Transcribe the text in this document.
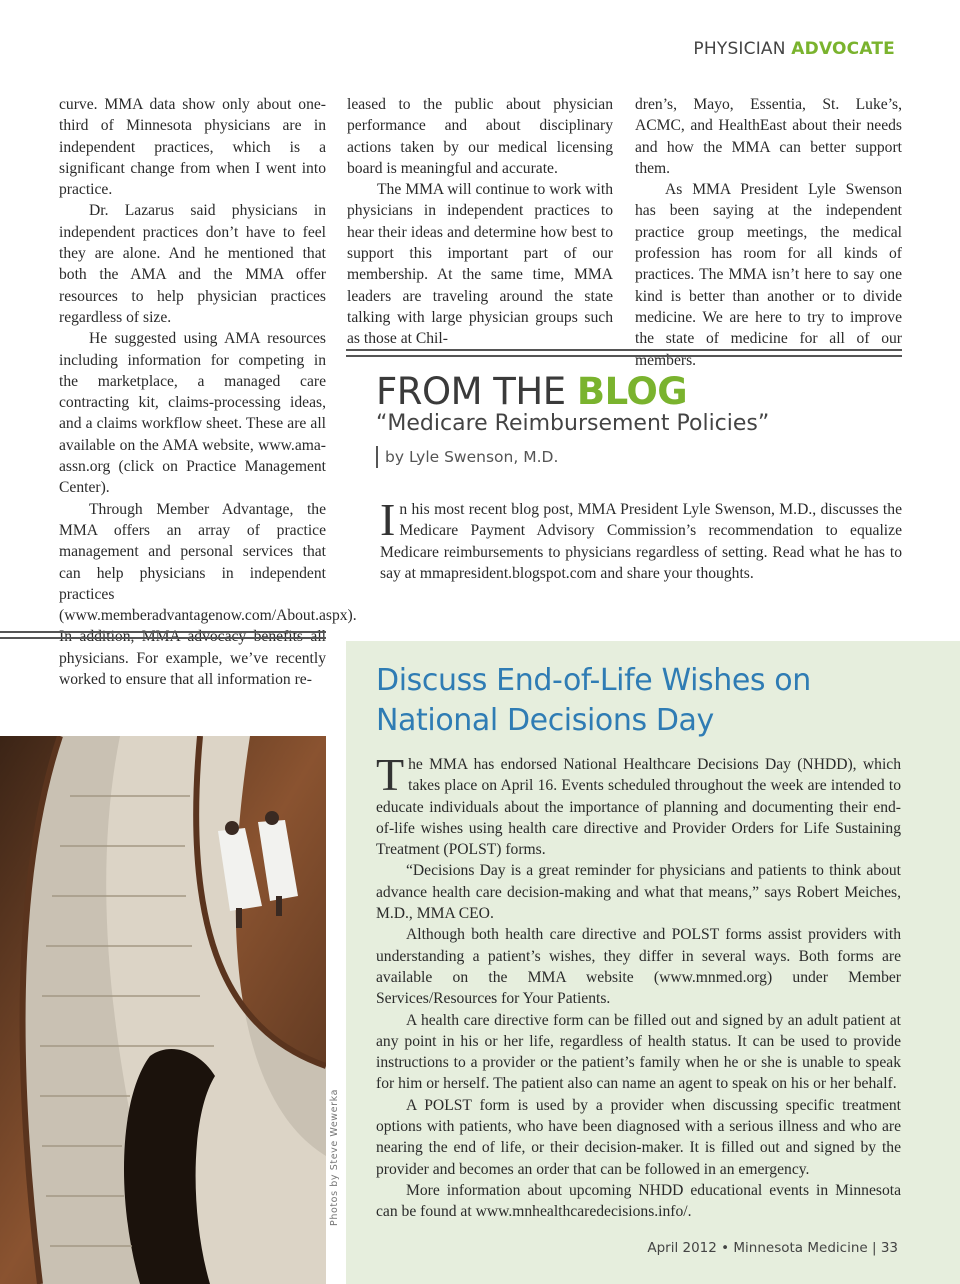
PHYSICIAN ADVOCATE

curve. MMA data show only about one-third of Minnesota physicians are in independent practices, which is a significant change from when I went into practice.

Dr. Lazarus said physicians in independent practices don’t have to feel they are alone. And he mentioned that both the AMA and the MMA offer resources to help physician practices regardless of size.

He suggested using AMA resources including information for competing in the marketplace, a managed care contracting kit, claims-processing ideas, and a claims workflow sheet. These are all available on the AMA website, www.ama-assn.org (click on Practice Management Center).

Through Member Advantage, the MMA offers an array of practice management and personal services that can help physicians in independent practices (www.memberadvantagenow.com/About.aspx). In addition, MMA advocacy benefits all physicians. For example, we’ve recently worked to ensure that all information re-

leased to the public about physician performance and about disciplinary actions taken by our medical licensing board is meaningful and accurate.

The MMA will continue to work with physicians in independent practices to hear their ideas and determine how best to support this important part of our membership. At the same time, MMA leaders are traveling around the state talking with large physician groups such as those at Chil-

dren’s, Mayo, Essentia, St. Luke’s, ACMC, and HealthEast about their needs and how the MMA can better support them.

As MMA President Lyle Swenson has been saying at the independent practice group meetings, the medical profession has room for all kinds of practices. The MMA isn’t here to say one kind is better than another or to divide medicine. We are here to try to improve the state of medicine for all of our members.

FROM THE BLOG
“Medicare Reimbursement Policies”
by Lyle Swenson, M.D.

In his most recent blog post, MMA President Lyle Swenson, M.D., discusses the Medicare Payment Advisory Commission’s recommendation to equalize Medicare reimbursements to physicians regardless of setting. Read what he has to say at mmapresident.blogspot.com and share your thoughts.

Photos by Steve Wewerka
Discuss End-of-Life Wishes on National Decisions Day

The MMA has endorsed National Healthcare Decisions Day (NHDD), which takes place on April 16. Events scheduled throughout the week are intended to educate individuals about the importance of planning and documenting their end-of-life wishes using health care directive and Provider Orders for Life Sustaining Treatment (POLST) forms.

“Decisions Day is a great reminder for physicians and patients to think about advance health care decision-making and what that means,” says Robert Meiches, M.D., MMA CEO.

Although both health care directive and POLST forms assist providers with understanding a patient’s wishes, they differ in several ways. Both forms are available on the MMA website (www.mnmed.org) under Member Services/Resources for Your Patients.

A health care directive form can be filled out and signed by an adult patient at any point in his or her life, regardless of health status. It can be used to provide instructions to a provider or the patient’s family when he or she is unable to speak for him or herself. The patient also can name an agent to speak on his or her behalf.

A POLST form is used by a provider when discussing specific treatment options with patients, who have been diagnosed with a serious illness and who are nearing the end of life, or their decision-maker. It is filled out and signed by the provider and becomes an order that can be followed in an emergency.

More information about upcoming NHDD educational events in Minnesota can be found at www.mnhealthcaredecisions.info/.

April 2012 • Minnesota Medicine | 33
